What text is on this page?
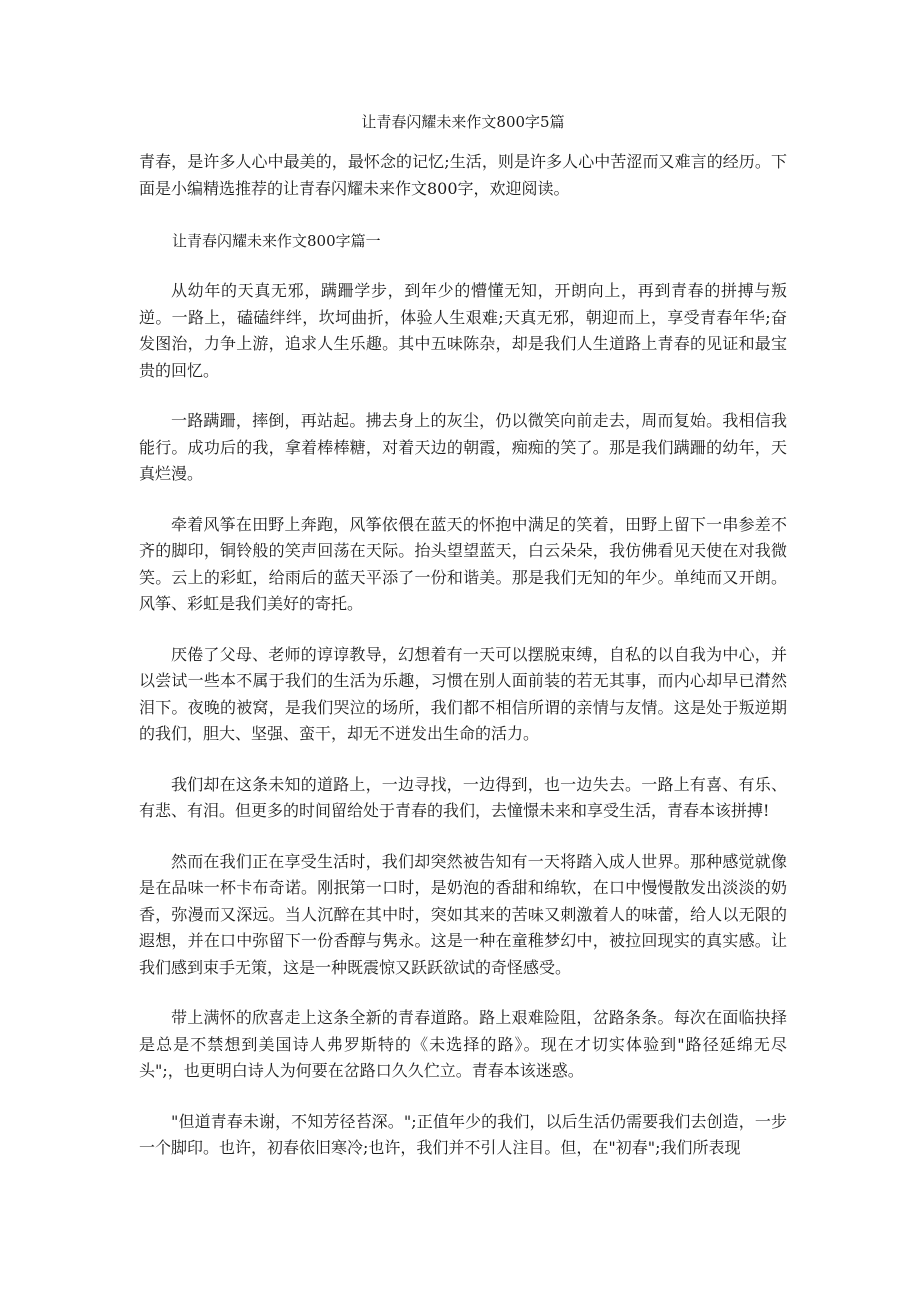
让青春闪耀未来作文800字5篇

青春，是许多人心中最美的，最怀念的记忆;生活，则是许多人心中苦涩而又难言的经历。下面是小编精选推荐的让青春闪耀未来作文800字，欢迎阅读。

让青春闪耀未来作文800字篇一

从幼年的天真无邪，蹒跚学步，到年少的懵懂无知，开朗向上，再到青春的拼搏与叛逆。一路上，磕磕绊绊，坎坷曲折，体验人生艰难;天真无邪，朝迎而上，享受青春年华;奋发图治，力争上游，追求人生乐趣。其中五味陈杂，却是我们人生道路上青春的见证和最宝贵的回忆。

一路蹒跚，摔倒，再站起。拂去身上的灰尘，仍以微笑向前走去，周而复始。我相信我能行。成功后的我，拿着棒棒糖，对着天边的朝霞，痴痴的笑了。那是我们蹒跚的幼年，天真烂漫。

牵着风筝在田野上奔跑，风筝依偎在蓝天的怀抱中满足的笑着，田野上留下一串参差不齐的脚印，铜铃般的笑声回荡在天际。抬头望望蓝天，白云朵朵，我仿佛看见天使在对我微笑。云上的彩虹，给雨后的蓝天平添了一份和谐美。那是我们无知的年少。单纯而又开朗。风筝、彩虹是我们美好的寄托。

厌倦了父母、老师的谆谆教导，幻想着有一天可以摆脱束缚，自私的以自我为中心，并以尝试一些本不属于我们的生活为乐趣，习惯在别人面前装的若无其事，而内心却早已潸然泪下。夜晚的被窝，是我们哭泣的场所，我们都不相信所谓的亲情与友情。这是处于叛逆期的我们，胆大、坚强、蛮干，却无不迸发出生命的活力。

我们却在这条未知的道路上，一边寻找，一边得到，也一边失去。一路上有喜、有乐、有悲、有泪。但更多的时间留给处于青春的我们，去憧憬未来和享受生活，青春本该拼搏!

然而在我们正在享受生活时，我们却突然被告知有一天将踏入成人世界。那种感觉就像是在品味一杯卡布奇诺。刚抿第一口时，是奶泡的香甜和绵软，在口中慢慢散发出淡淡的奶香，弥漫而又深远。当人沉醉在其中时，突如其来的苦味又刺激着人的味蕾，给人以无限的遐想，并在口中弥留下一份香醇与隽永。这是一种在童稚梦幻中，被拉回现实的真实感。让我们感到束手无策，这是一种既震惊又跃跃欲试的奇怪感受。

带上满怀的欣喜走上这条全新的青春道路。路上艰难险阻，岔路条条。每次在面临抉择是总是不禁想到美国诗人弗罗斯特的《未选择的路》。现在才切实体验到"路径延绵无尽头";，也更明白诗人为何要在岔路口久久伫立。青春本该迷惑。

"但道青春未谢，不知芳径苔深。";正值年少的我们，以后生活仍需要我们去创造，一步一个脚印。也许，初春依旧寒冷;也许，我们并不引人注目。但，在"初春";我们所表现
